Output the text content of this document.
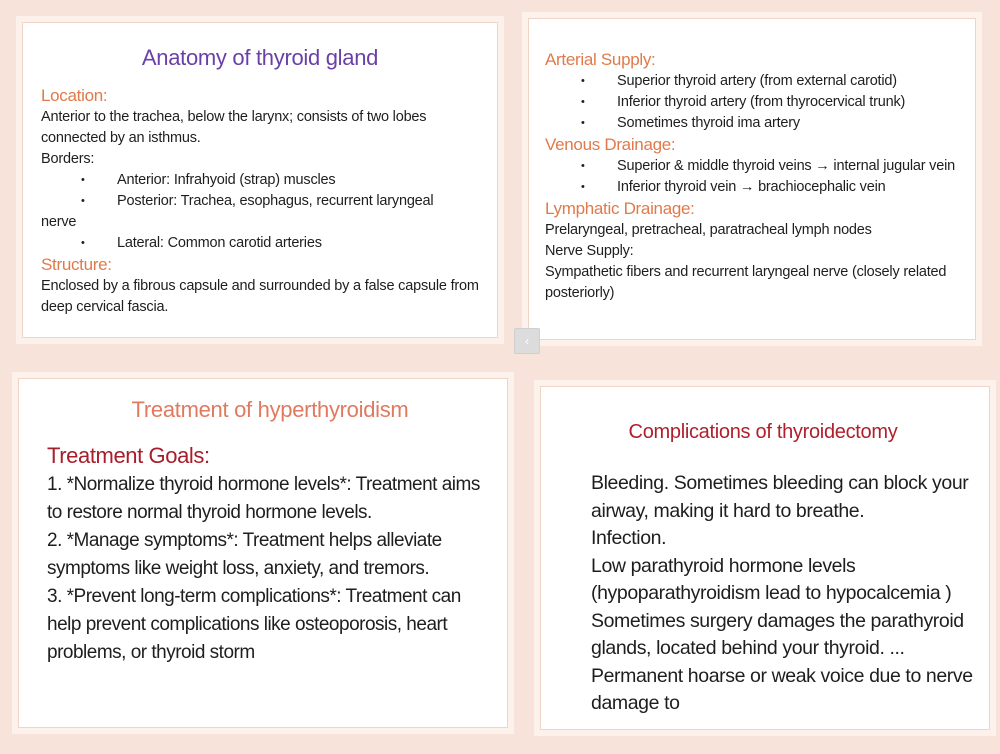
Anatomy of thyroid gland
Location:
Anterior to the trachea, below the larynx; consists of two lobes connected by an isthmus.
Borders:
• Anterior: Infrahyoid (strap) muscles
• Posterior: Trachea, esophagus, recurrent laryngeal
nerve
• Lateral: Common carotid arteries
Structure:
Enclosed by a fibrous capsule and surrounded by a false capsule from deep cervical fascia.
Arterial Supply:
• Superior thyroid artery (from external carotid)
• Inferior thyroid artery (from thyrocervical trunk)
• Sometimes thyroid ima artery
Venous Drainage:
• Superior & middle thyroid veins → internal jugular vein
• Inferior thyroid vein → brachiocephalic vein
Lymphatic Drainage:
Prelaryngeal, pretracheal, paratracheal lymph nodes
Nerve Supply:
Sympathetic fibers and recurrent laryngeal nerve (closely related posteriorly)
‹
Treatment of hyperthyroidism
Treatment Goals:
1. *Normalize thyroid hormone levels*: Treatment aims to restore normal thyroid hormone levels.
2. *Manage symptoms*: Treatment helps alleviate symptoms like weight loss, anxiety, and tremors.
3. *Prevent long-term complications*: Treatment can help prevent complications like osteoporosis, heart problems, or thyroid storm
Complications of thyroidectomy
Bleeding. Sometimes bleeding can block your airway, making it hard to breathe.
Infection.
Low parathyroid hormone levels (hypoparathyroidism lead to hypocalcemia )
Sometimes surgery damages the parathyroid glands, located behind your thyroid. ...
Permanent hoarse or weak voice due to nerve damage to
